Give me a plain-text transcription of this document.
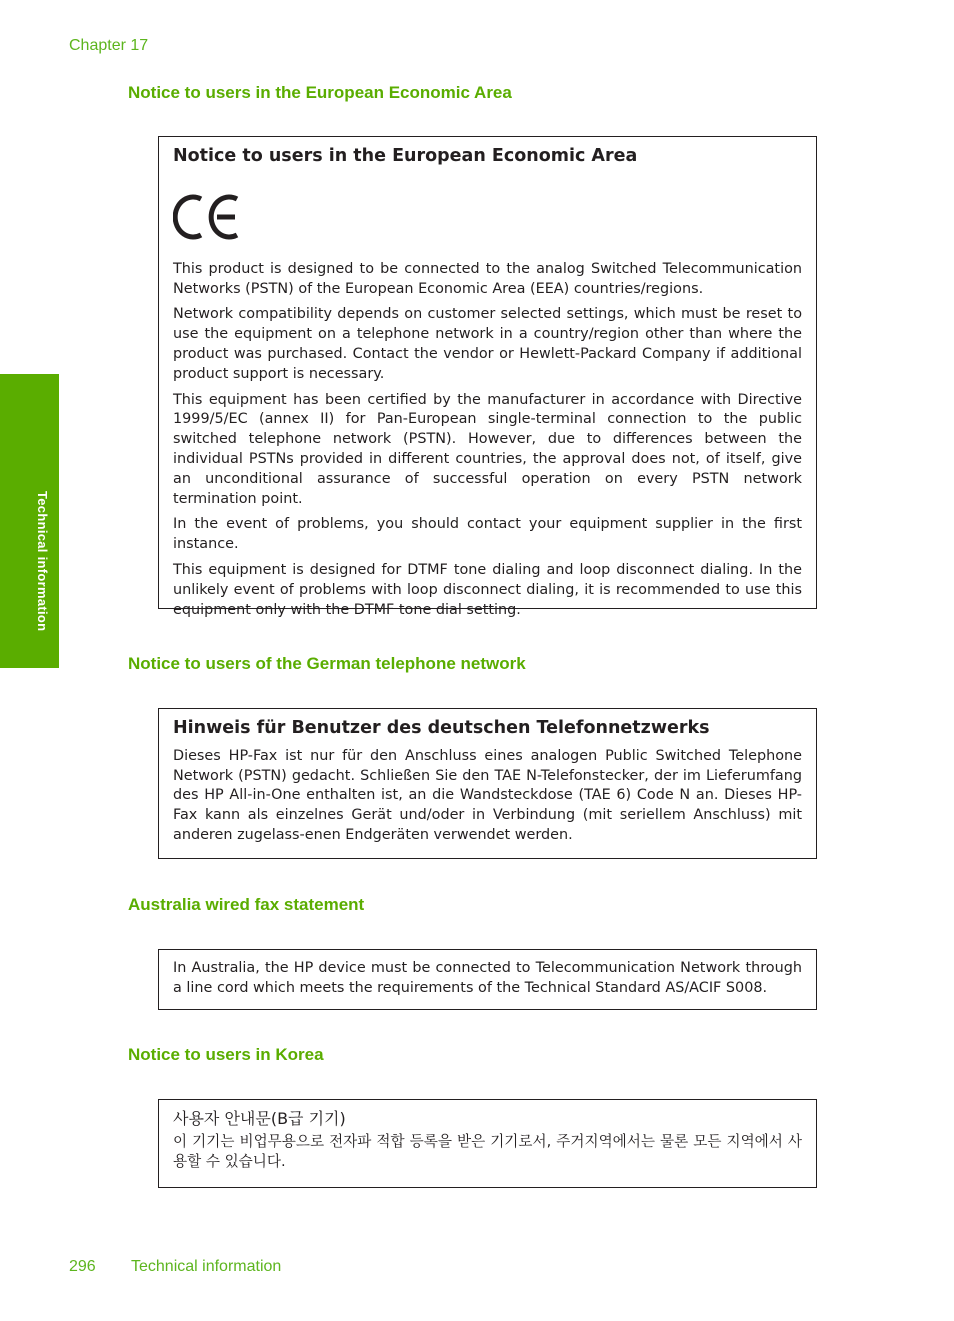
Chapter 17
Technical information
Notice to users in the European Economic Area
Notice to users in the European Economic Area

This product is designed to be connected to the analog Switched Telecommunication Networks (PSTN) of the European Economic Area (EEA) countries/regions.

Network compatibility depends on customer selected settings, which must be reset to use the equipment on a telephone network in a country/region other than where the product was purchased. Contact the vendor or Hewlett-Packard Company if additional product support is necessary.

This equipment has been certified by the manufacturer in accordance with Directive 1999/5/EC (annex II) for Pan-European single-terminal connection to the public switched telephone network (PSTN). However, due to differences between the individual PSTNs provided in different countries, the approval does not, of itself, give an unconditional assurance of successful operation on every PSTN network termination point.

In the event of problems, you should contact your equipment supplier in the first instance.

This equipment is designed for DTMF tone dialing and loop disconnect dialing. In the unlikely event of problems with loop disconnect dialing, it is recommended to use this equipment only with the DTMF tone dial setting.

Notice to users of the German telephone network
Hinweis für Benutzer des deutschen Telefonnetzwerks

Dieses HP-Fax ist nur für den Anschluss eines analogen Public Switched Telephone Network (PSTN) gedacht. Schließen Sie den TAE N-Telefonstecker, der im Lieferumfang des HP All-in-One enthalten ist, an die Wandsteckdose (TAE 6) Code N an. Dieses HP-Fax kann als einzelnes Gerät und/oder in Verbindung (mit seriellem Anschluss) mit anderen zugelass-enen Endgeräten verwendet werden.

Australia wired fax statement

In Australia, the HP device must be connected to Telecommunication Network through a line cord which meets the requirements of the Technical Standard AS/ACIF S008.

Notice to users in Korea
사용자 안내문(B급 기기)

이 기기는 비업무용으로 전자파 적합 등록을 받은 기기로서, 주거지역에서는 물론 모든 지역에서 사용할 수 있습니다.

296 Technical information
